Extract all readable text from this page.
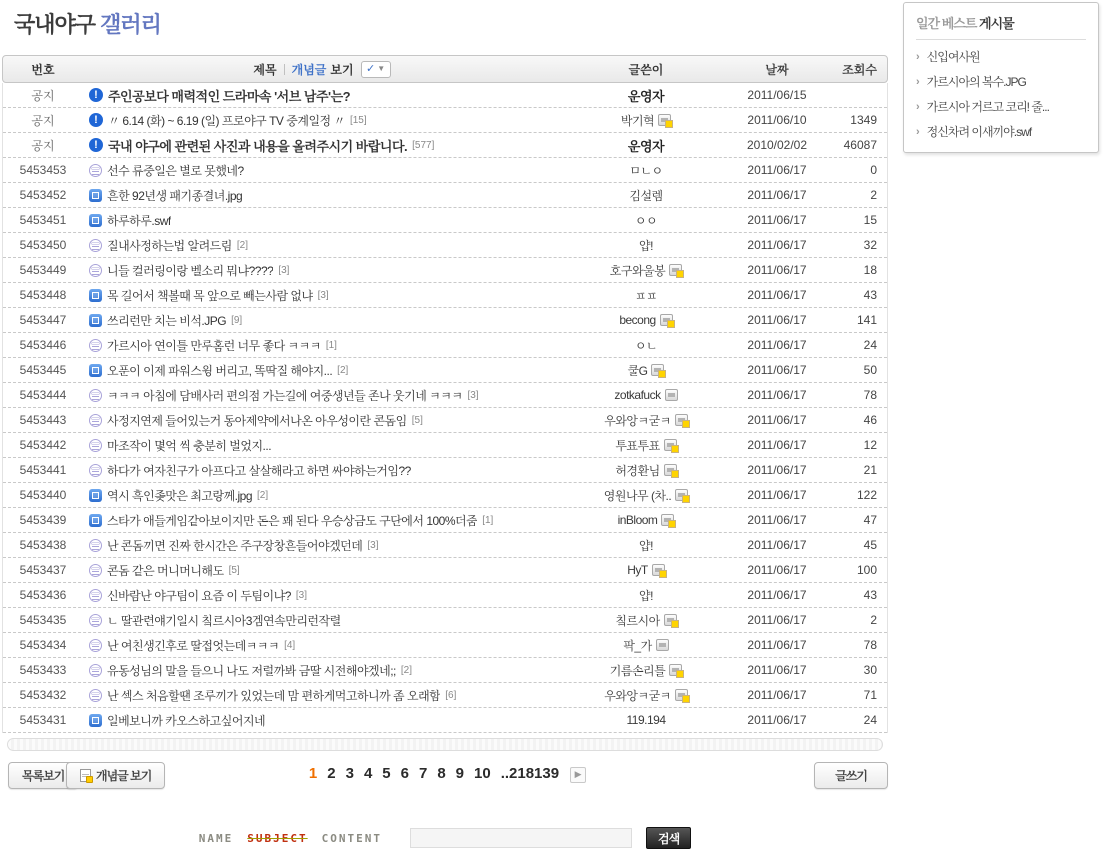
국내야구 갤러리	일간 베스트 게시물
› 신입여사원
› 가르시아의 복수.JPG
› 가르시아 거르고 코리! 줄...
› 정신차려 이새끼야.swf
번호	제목 개념글 보기 ✓ ▼	글쓴이	날짜	조회수
공지	! 주인공보다 매력적인 드라마속 '서브 남주'는?	운영자	2011/06/15
공지	! 〃 6.14 (화) ~ 6.19 (일) 프로야구 TV 중계일정 〃 [15]	박기혁	2011/06/10	1349
공지	! 국내 야구에 관련된 사진과 내용을 올려주시기 바랍니다. [577]	운영자	2010/02/02	46087
5453453	선수 류중일은 별로 못했네?	ㅁㄴㅇ	2011/06/17	0
5453452	흔한 92년생 패기종결녀.jpg	김설렘	2011/06/17	2
5453451	하루하루.swf	ㅇㅇ	2011/06/17	15
5453450	질내사정하는법 알려드림 [2]	얍!	2011/06/17	32
5453449	니들 컬러링이랑 벨소리 뭐냐???? [3]	호구와울봉	2011/06/17	18
5453448	목 길어서 책볼때 목 앞으로 빼는사람 없냐 [3]	ㅍㅍ	2011/06/17	43
5453447	쓰리런만 치는 비석.JPG [9]	becong	2011/06/17	141
5453446	가르시아 연이틀 만루홈런 너무 좋다 ㅋㅋㅋ [1]	ㅇㄴ	2011/06/17	24
5453445	오푼이 이제 파워스윙 버리고, 똑딱질 해야지... [2]	쿨G	2011/06/17	50
5453444	ㅋㅋㅋ 아침에 담배사러 편의점 가는길에 여중생년들 존나 웃기네 ㅋㅋㅋ [3]	zotkafuck	2011/06/17	78
5453443	사정지연제 들어있는거 동아제약에서나온 아우성이란 콘돔임 [5]	우와앙ㅋ굳ㅋ	2011/06/17	46
5453442	마조작이 몇억 씩 충분히 벌었지...	투표투표	2011/06/17	12
5453441	하다가 여자친구가 아프다고 살살해라고 하면 싸야하는거임??	허경환님	2011/06/17	21
5453440	역시 흑인좆맛은 최고랑께.jpg [2]	영원나무 (차..	2011/06/17	122
5453439	스타가 애들게임같아보이지만 돈은 꽤 된다 우승상금도 구단에서 100%더줌 [1]	inBloom	2011/06/17	47
5453438	난 콘돔끼면 진짜 한시간은 주구장창흔들어야겠던데 [3]	얍!	2011/06/17	45
5453437	콘돔 같은 머니머니해도 [5]	HyT	2011/06/17	100
5453436	신바람난 야구팀이 요즘 이 두팀이냐? [3]	얍!	2011/06/17	43
5453435	ㄴ 딸관련얘기일시 칰르시아3겜연속만리런작렬	칰르시아	2011/06/17	2
5453434	난 여친생긴후로 딸접엇는데ㅋㅋㅋ [4]	팍_가	2011/06/17	78
5453433	유동성님의 말을 들으니 나도 저럴까봐 금딸 시전해야겠네;; [2]	기름손리틀	2011/06/17	30
5453432	난 섹스 처음할땐 조루끼가 있었는데 맘 편하게먹고하니까 좀 오래함 [6]	우와앙ㅋ굳ㅋ	2011/06/17	71
5453431	일베보니까 카오스하고싶어지네	119.194	2011/06/17	24
목록보기	개념글 보기	글쓰기
1 2 3 4 5 6 7 8 9 10 ..218139 ▶
NAME SUBJECT CONTENT	검색
